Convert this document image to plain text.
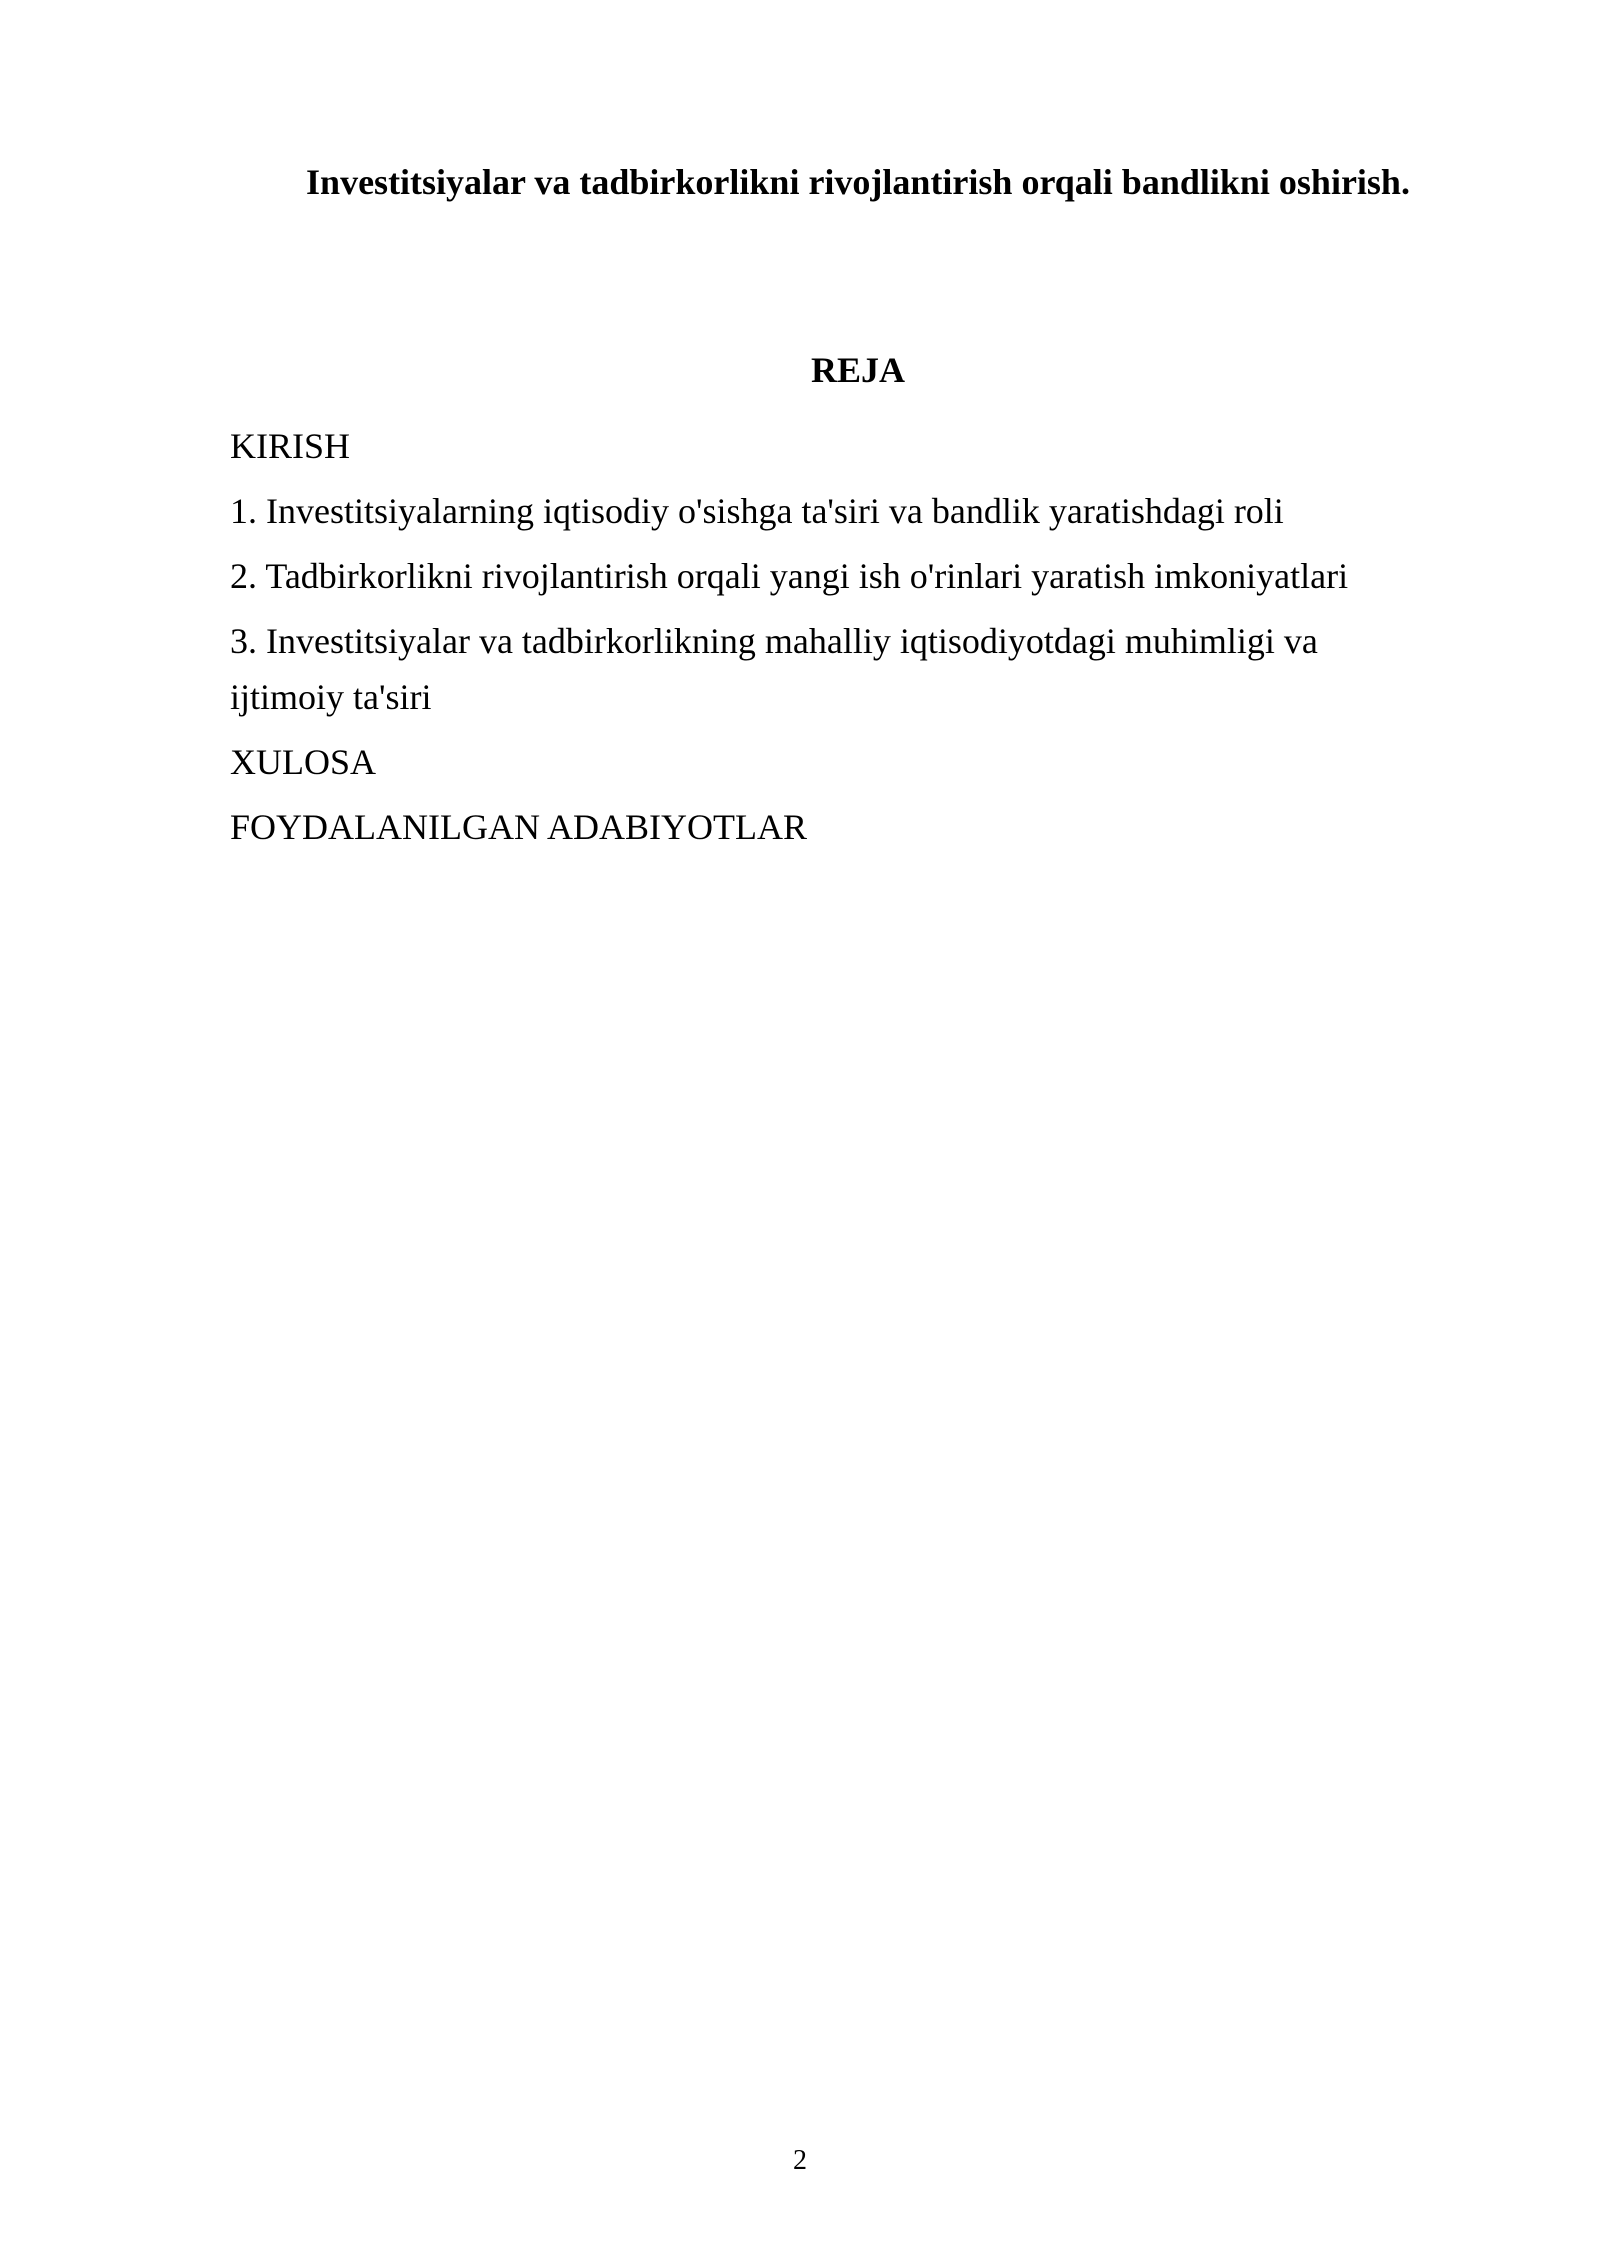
Investitsiyalar va tadbirkorlikni rivojlantirish orqali bandlikni oshirish.
REJA
KIRISH
1. Investitsiyalarning iqtisodiy o'sishga ta'siri va bandlik yaratishdagi roli
2. Tadbirkorlikni rivojlantirish orqali yangi ish o'rinlari yaratish imkoniyatlari
3. Investitsiyalar va tadbirkorlikning mahalliy iqtisodiyotdagi muhimligi va ijtimoiy ta'siri
XULOSA
FOYDALANILGAN ADABIYOTLAR
2
